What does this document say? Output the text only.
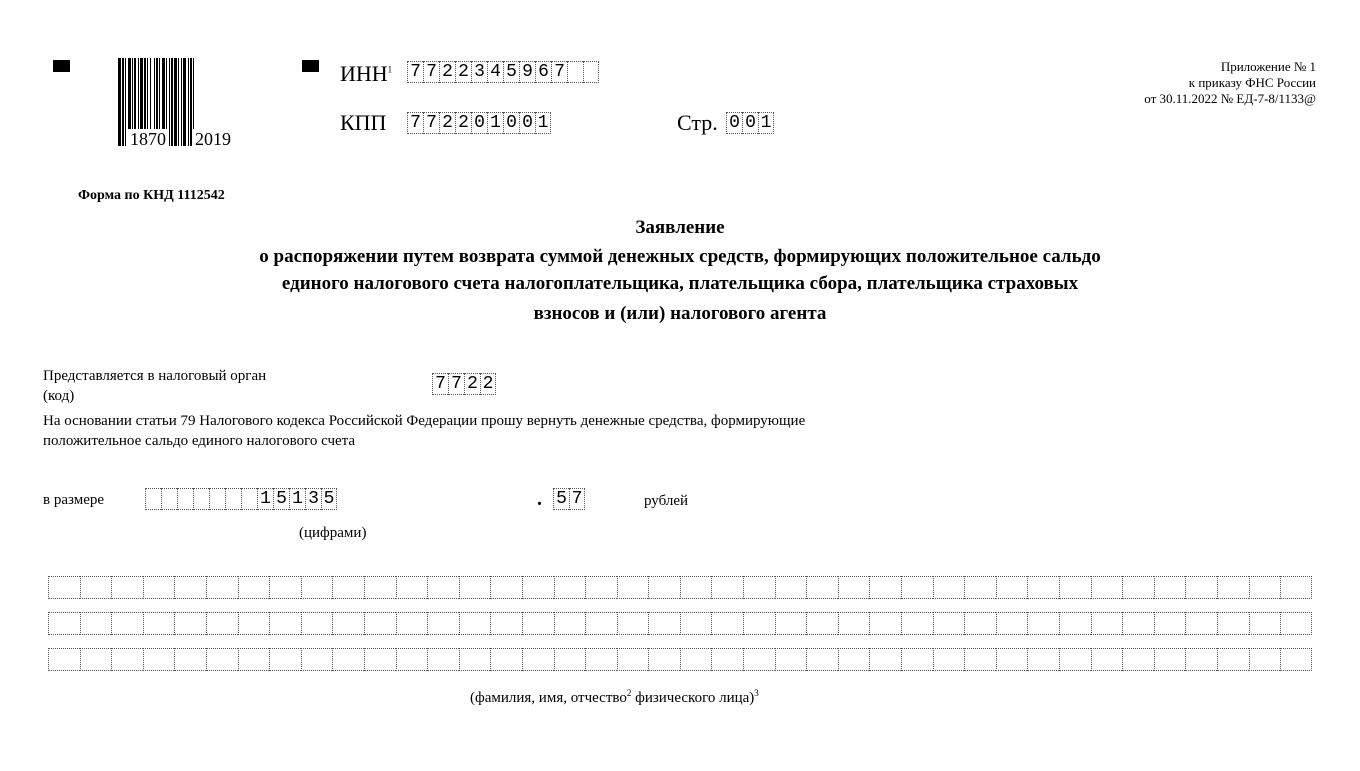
1870 2019
ИНН$^1$ 7 7 2 2 3 4 5 9 6 7
КПП 7 7 2 2 0 1 0 0 1	Стр. 0 0 1
Приложение № 1
к приказу ФНС России
от 30.11.2022 № ЕД-7-8/1133@
Форма по КНД 1112542
Заявление
о распоряжении путем возврата суммой денежных средств, формирующих положительное сальдо
единого налогового счета налогоплательщика, плательщика сбора, плательщика страховых
взносов и (или) налогового агента
Представляется в налоговый орган
(код)
7 7 2 2
На основании статьи 79 Налогового кодекса Российской Федерации прошу вернуть денежные средства, формирующие
положительное сальдо единого налогового счета
в размере	1 5 1 3 5	. 5 7	рублей
(цифрами)
(фамилия, имя, отчество$^2$ физического лица)$^3$
